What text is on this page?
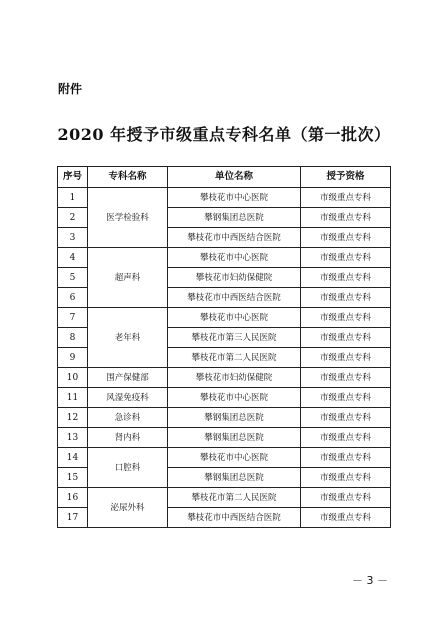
附件
2020 年授予市级重点专科名单（第一批次）
序号	专科名称	单位名称	授予资格
1	医学检验科	攀枝花市中心医院	市级重点专科
2		攀钢集团总医院	市级重点专科
3		攀枝花市中西医结合医院	市级重点专科
4	超声科	攀枝花市中心医院	市级重点专科
5		攀枝花市妇幼保健院	市级重点专科
6		攀枝花市中西医结合医院	市级重点专科
7	老年科	攀枝花市中心医院	市级重点专科
8		攀枝花市第三人民医院	市级重点专科
9		攀枝花市第二人民医院	市级重点专科
10	围产保健部	攀枝花市妇幼保健院	市级重点专科
11	风湿免疫科	攀枝花市中心医院	市级重点专科
12	急诊科	攀钢集团总医院	市级重点专科
13	肾内科	攀钢集团总医院	市级重点专科
14	口腔科	攀枝花市中心医院	市级重点专科
15		攀钢集团总医院	市级重点专科
16	泌尿外科	攀枝花市第二人民医院	市级重点专科
17		攀枝花市中西医结合医院	市级重点专科
－ 3 －
